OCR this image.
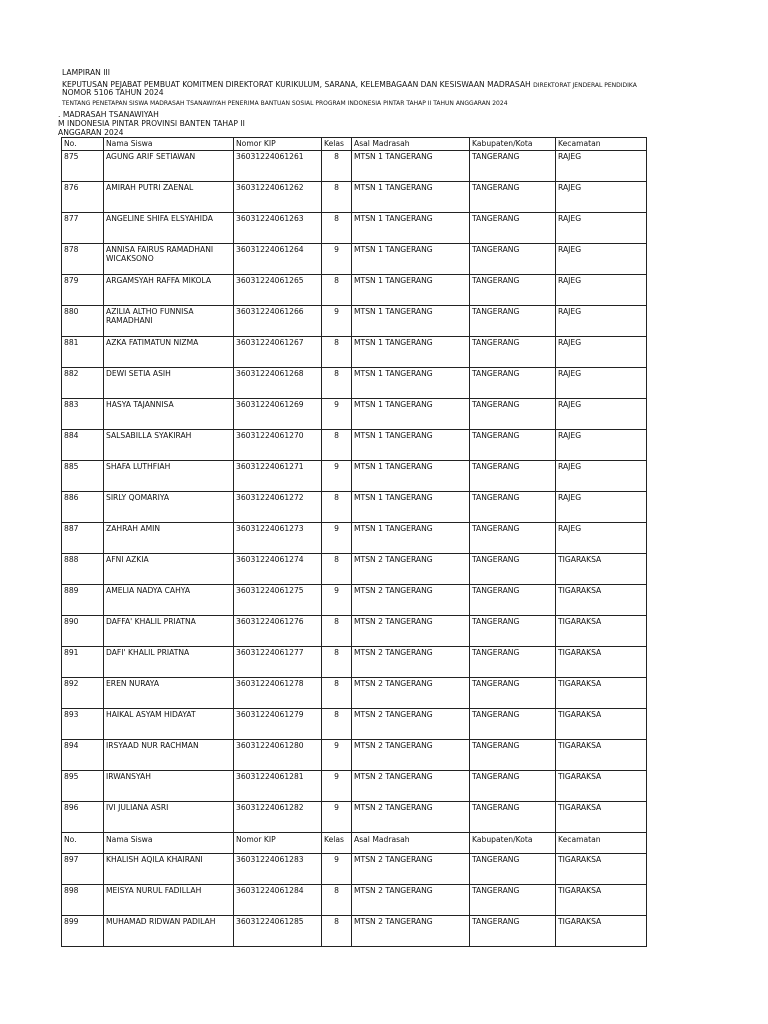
LAMPIRAN III
KEPUTUSAN PEJABAT PEMBUAT KOMITMEN DIREKTORAT KURIKULUM, SARANA, KELEMBAGAAN DAN KESISWAAN MADRASAH DIREKTORAT JENDERAL PENDIDIKA
NOMOR 5106 TAHUN 2024
TENTANG PENETAPAN SISWA MADRASAH TSANAWIYAH PENERIMA BANTUAN SOSIAL PROGRAM INDONESIA PINTAR TAHAP II TAHUN ANGGARAN 2024
. MADRASAH TSANAWIYAH
M INDONESIA PINTAR PROVINSI BANTEN TAHAP II
ANGGARAN 2024
No.	Nama Siswa	Nomor KIP	Kelas	Asal Madrasah	Kabupaten/Kota	Kecamatan
875	AGUNG ARIF SETIAWAN	36031224061261	8	MTSN 1 TANGERANG	TANGERANG	RAJEG
876	AMIRAH PUTRI ZAENAL	36031224061262	8	MTSN 1 TANGERANG	TANGERANG	RAJEG
877	ANGELINE SHIFA ELSYAHIDA	36031224061263	8	MTSN 1 TANGERANG	TANGERANG	RAJEG
878	ANNISA FAIRUS RAMADHANI WICAKSONO	36031224061264	9	MTSN 1 TANGERANG	TANGERANG	RAJEG
879	ARGAMSYAH RAFFA MIKOLA	36031224061265	8	MTSN 1 TANGERANG	TANGERANG	RAJEG
880	AZILIA ALTHO FUNNISA RAMADHANI	36031224061266	9	MTSN 1 TANGERANG	TANGERANG	RAJEG
881	AZKA FATIMATUN NIZMA	36031224061267	8	MTSN 1 TANGERANG	TANGERANG	RAJEG
882	DEWI SETIA ASIH	36031224061268	8	MTSN 1 TANGERANG	TANGERANG	RAJEG
883	HASYA TAJANNISA	36031224061269	9	MTSN 1 TANGERANG	TANGERANG	RAJEG
884	SALSABILLA SYAKIRAH	36031224061270	8	MTSN 1 TANGERANG	TANGERANG	RAJEG
885	SHAFA LUTHFIAH	36031224061271	9	MTSN 1 TANGERANG	TANGERANG	RAJEG
886	SIRLY QOMARIYA	36031224061272	8	MTSN 1 TANGERANG	TANGERANG	RAJEG
887	ZAHRAH AMIN	36031224061273	9	MTSN 1 TANGERANG	TANGERANG	RAJEG
888	AFNI AZKIA	36031224061274	8	MTSN 2 TANGERANG	TANGERANG	TIGARAKSA
889	AMELIA NADYA CAHYA	36031224061275	9	MTSN 2 TANGERANG	TANGERANG	TIGARAKSA
890	DAFFA' KHALIL PRIATNA	36031224061276	8	MTSN 2 TANGERANG	TANGERANG	TIGARAKSA
891	DAFI' KHALIL PRIATNA	36031224061277	8	MTSN 2 TANGERANG	TANGERANG	TIGARAKSA
892	EREN NURAYA	36031224061278	8	MTSN 2 TANGERANG	TANGERANG	TIGARAKSA
893	HAIKAL ASYAM HIDAYAT	36031224061279	8	MTSN 2 TANGERANG	TANGERANG	TIGARAKSA
894	IRSYAAD NUR RACHMAN	36031224061280	9	MTSN 2 TANGERANG	TANGERANG	TIGARAKSA
895	IRWANSYAH	36031224061281	9	MTSN 2 TANGERANG	TANGERANG	TIGARAKSA
896	IVI JULIANA ASRI	36031224061282	9	MTSN 2 TANGERANG	TANGERANG	TIGARAKSA
No.	Nama Siswa	Nomor KIP	Kelas	Asal Madrasah	Kabupaten/Kota	Kecamatan
897	KHALISH AQILA KHAIRANI	36031224061283	9	MTSN 2 TANGERANG	TANGERANG	TIGARAKSA
898	MEISYA NURUL FADILLAH	36031224061284	8	MTSN 2 TANGERANG	TANGERANG	TIGARAKSA
899	MUHAMAD RIDWAN PADILAH	36031224061285	8	MTSN 2 TANGERANG	TANGERANG	TIGARAKSA
